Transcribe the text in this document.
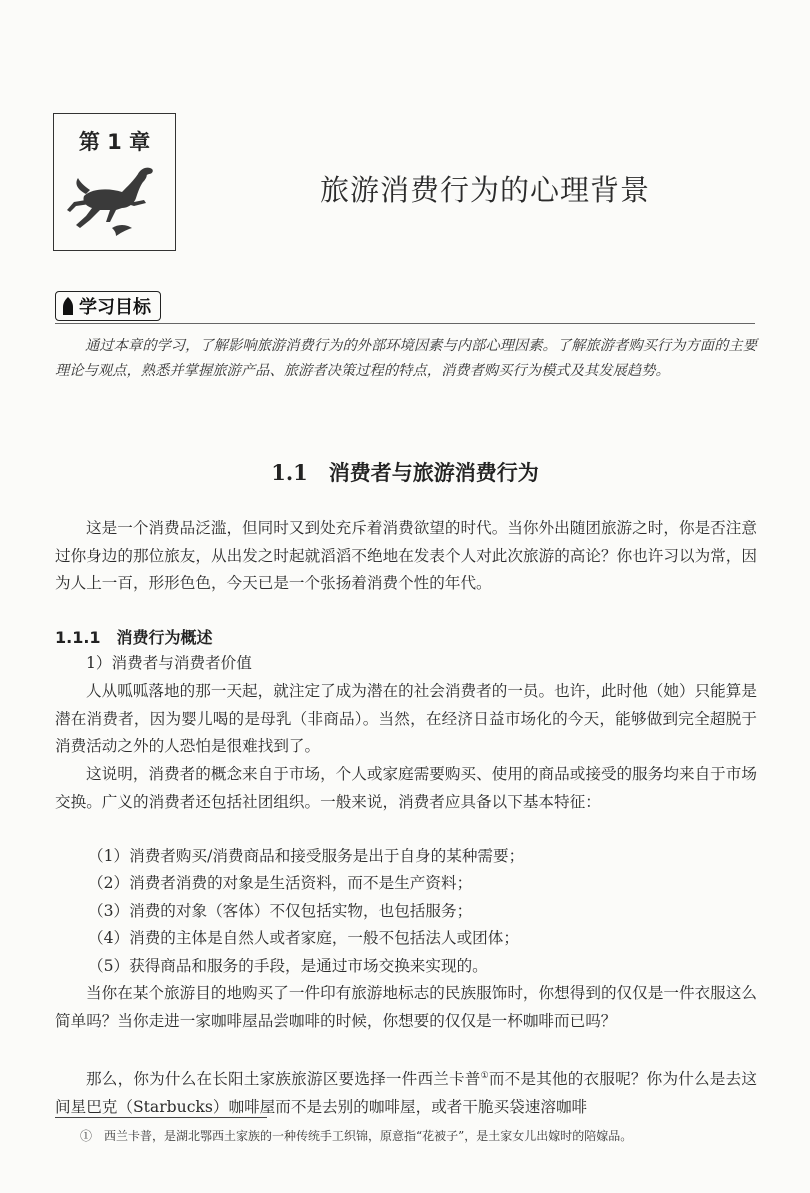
第 1 章
旅游消费行为的心理背景
学习目标
通过本章的学习，了解影响旅游消费行为的外部环境因素与内部心理因素。了解旅游者购买行为方面的主要理论与观点，熟悉并掌握旅游产品、旅游者决策过程的特点，消费者购买行为模式及其发展趋势。
1.1　消费者与旅游消费行为
这是一个消费品泛滥，但同时又到处充斥着消费欲望的时代。当你外出随团旅游之时，你是否注意过你身边的那位旅友，从出发之时起就滔滔不绝地在发表个人对此次旅游的高论？你也许习以为常，因为人上一百，形形色色，今天已是一个张扬着消费个性的年代。
1.1.1　消费行为概述
1）消费者与消费者价值
人从呱呱落地的那一天起，就注定了成为潜在的社会消费者的一员。也许，此时他（她）只能算是潜在消费者，因为婴儿喝的是母乳（非商品）。当然，在经济日益市场化的今天，能够做到完全超脱于消费活动之外的人恐怕是很难找到了。
这说明，消费者的概念来自于市场，个人或家庭需要购买、使用的商品或接受的服务均来自于市场交换。广义的消费者还包括社团组织。一般来说，消费者应具备以下基本特征：
（1）消费者购买/消费商品和接受服务是出于自身的某种需要；
（2）消费者消费的对象是生活资料，而不是生产资料；
（3）消费的对象（客体）不仅包括实物，也包括服务；
（4）消费的主体是自然人或者家庭，一般不包括法人或团体；
（5）获得商品和服务的手段，是通过市场交换来实现的。
当你在某个旅游目的地购买了一件印有旅游地标志的民族服饰时，你想得到的仅仅是一件衣服这么简单吗？当你走进一家咖啡屋品尝咖啡的时候，你想要的仅仅是一杯咖啡而已吗？
那么，你为什么在长阳土家族旅游区要选择一件西兰卡普①而不是其他的衣服呢？你为什么是去这间星巴克（Starbucks）咖啡屋而不是去别的咖啡屋，或者干脆买袋速溶咖啡
①　 西兰卡普，是湖北鄂西土家族的一种传统手工织锦，原意指“花被子”，是土家女儿出嫁时的陪嫁品。
